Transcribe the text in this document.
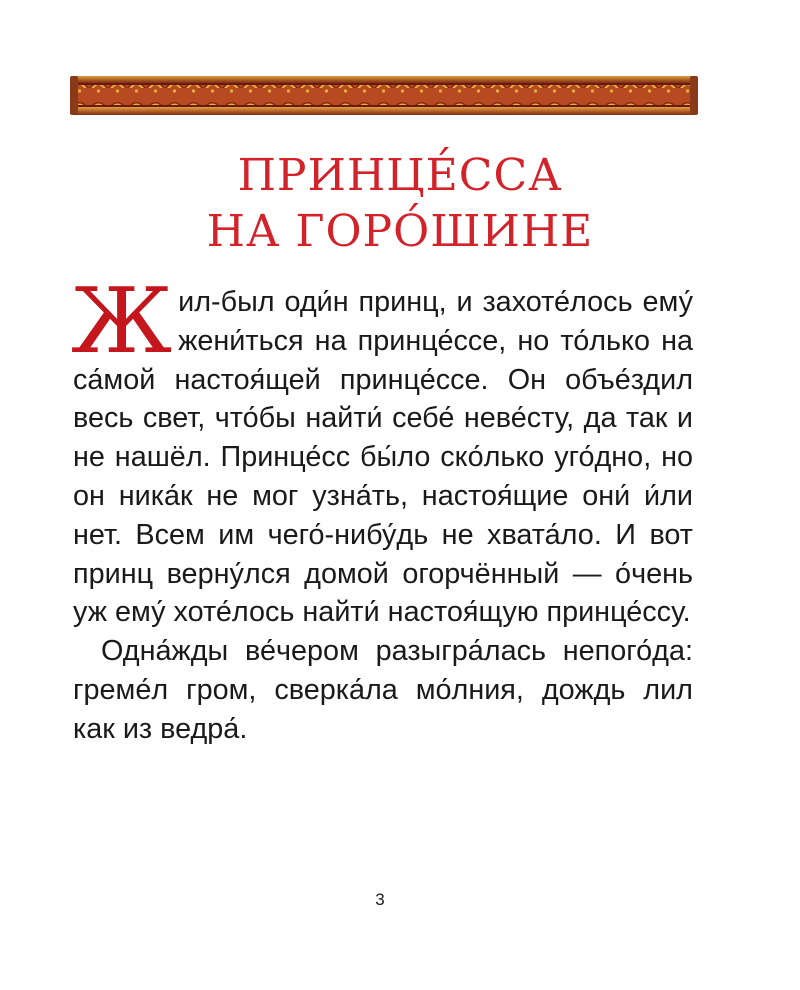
ПРИНЦЕ́ССА
НА ГОРО́ШИНЕ

Жил-был оди́н принц, и захоте́лось ему́ жени́ться на принце́ссе, но то́лько на са́мой настоя́щей принце́ссе. Он объе́здил весь свет, что́бы найти́ себе́ неве́сту, да так и не нашёл. Принце́сс бы́ло ско́лько уго́дно, но он ника́к не мог узна́ть, настоя́щие они́ и́ли нет. Всем им чего́-нибу́дь не хвата́ло. И вот принц верну́лся домой огорчённый — о́чень уж ему́ хоте́лось найти́ настоя́щую принце́ссу.

Одна́жды ве́чером разыгра́лась непого́да: греме́л гром, сверка́ла мо́лния, дождь лил как из ведра́.

3
